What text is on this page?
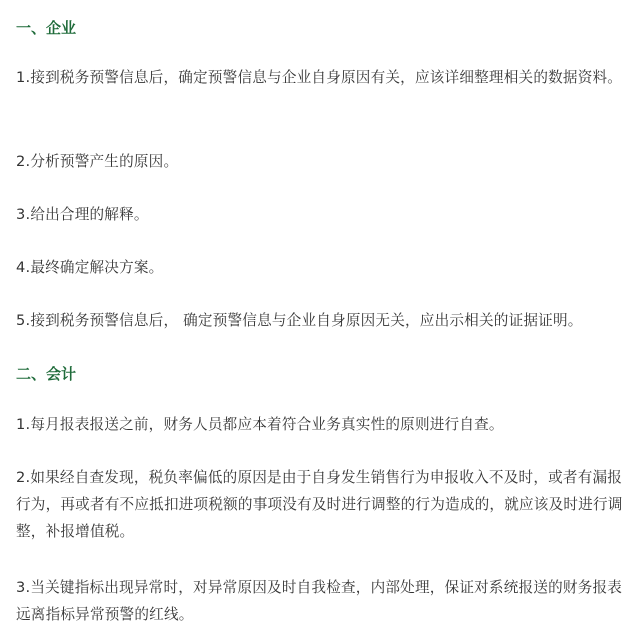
一、企业

1.接到税务预警信息后，确定预警信息与企业自身原因有关，应该详细整理相关的数据资料。

2.分析预警产生的原因。

3.给出合理的解释。

4.最终确定解决方案。

5.接到税务预警信息后， 确定预警信息与企业自身原因无关，应出示相关的证据证明。

二、会计

1.每月报表报送之前，财务人员都应本着符合业务真实性的原则进行自查。

2.如果经自查发现，税负率偏低的原因是由于自身发生销售行为申报收入不及时，或者有漏报行为，再或者有不应抵扣进项税额的事项没有及时进行调整的行为造成的，就应该及时进行调整，补报增值税。

3.当关键指标出现异常时，对异常原因及时自我检查，内部处理，保证对系统报送的财务报表远离指标异常预警的红线。
